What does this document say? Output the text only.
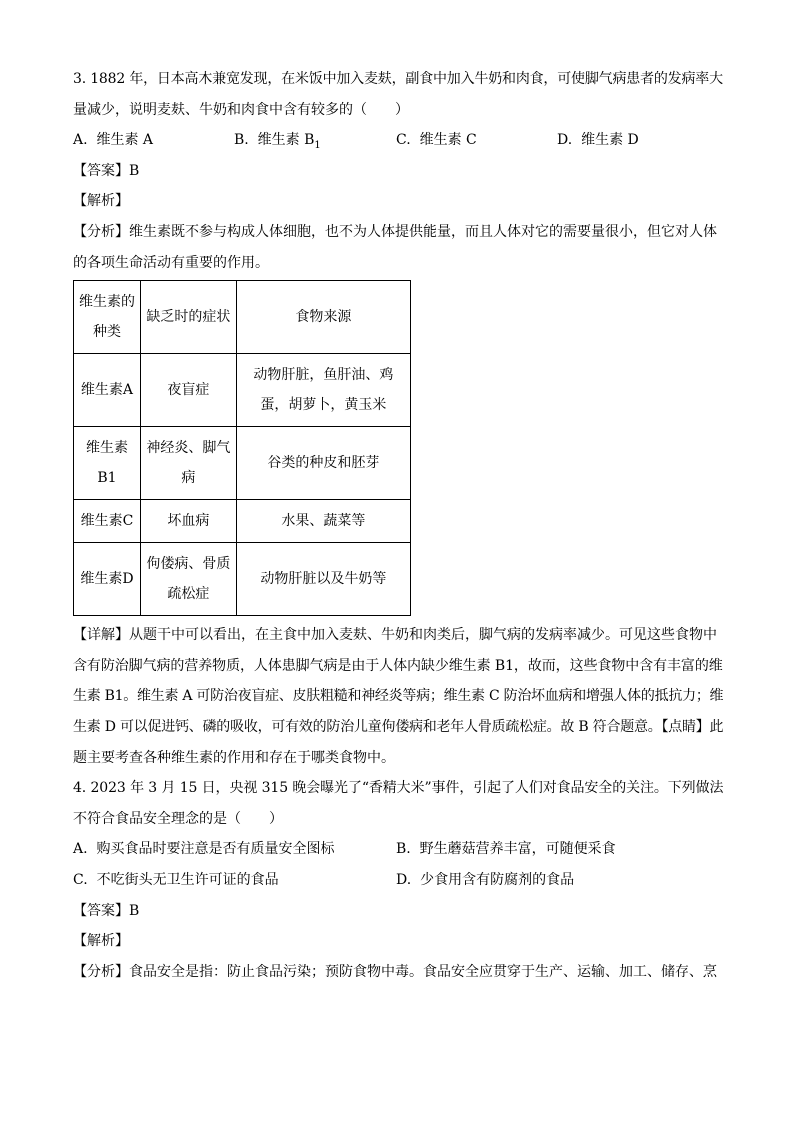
3. 1882 年，日本高木兼宽发现，在米饭中加入麦麸，副食中加入牛奶和肉食，可使脚气病患者的发病率大
量减少，说明麦麸、牛奶和肉食中含有较多的（　　）
A. 维生素 A	B. 维生素 $B_1$	C. 维生素 C	D. 维生素 D
【答案】B
【解析】
【分析】维生素既不参与构成人体细胞，也不为人体提供能量，而且人体对它的需要量很小，但它对人体
的各项生命活动有重要的作用。
维生素的种类	缺乏时的症状	食物来源
维生素A	夜盲症	动物肝脏，鱼肝油、鸡蛋，胡萝卜，黄玉米
维生素B1	神经炎、脚气病	谷类的种皮和胚芽
维生素C	坏血病	水果、蔬菜等
维生素D	佝偻病、骨质疏松症	动物肝脏以及牛奶等
【详解】从题干中可以看出，在主食中加入麦麸、牛奶和肉类后，脚气病的发病率减少。可见这些食物中
含有防治脚气病的营养物质，人体患脚气病是由于人体内缺少维生素 B1，故而，这些食物中含有丰富的维
生素 B1。维生素 A 可防治夜盲症、皮肤粗糙和神经炎等病；维生素 C 防治坏血病和增强人体的抵抗力；维
生素 D 可以促进钙、磷的吸收，可有效的防治儿童佝偻病和老年人骨质疏松症。故 B 符合题意。【点睛】此
题主要考查各种维生素的作用和存在于哪类食物中。
4. 2023 年 3 月 15 日，央视 315 晚会曝光了“香精大米”事件，引起了人们对食品安全的关注。下列做法
不符合食品安全理念的是（　　）
A. 购买食品时要注意是否有质量安全图标	B. 野生蘑菇营养丰富，可随便采食
C. 不吃街头无卫生许可证的食品	D. 少食用含有防腐剂的食品
【答案】B
【解析】
【分析】食品安全是指：防止食品污染；预防食物中毒。食品安全应贯穿于生产、运输、加工、储存、烹
